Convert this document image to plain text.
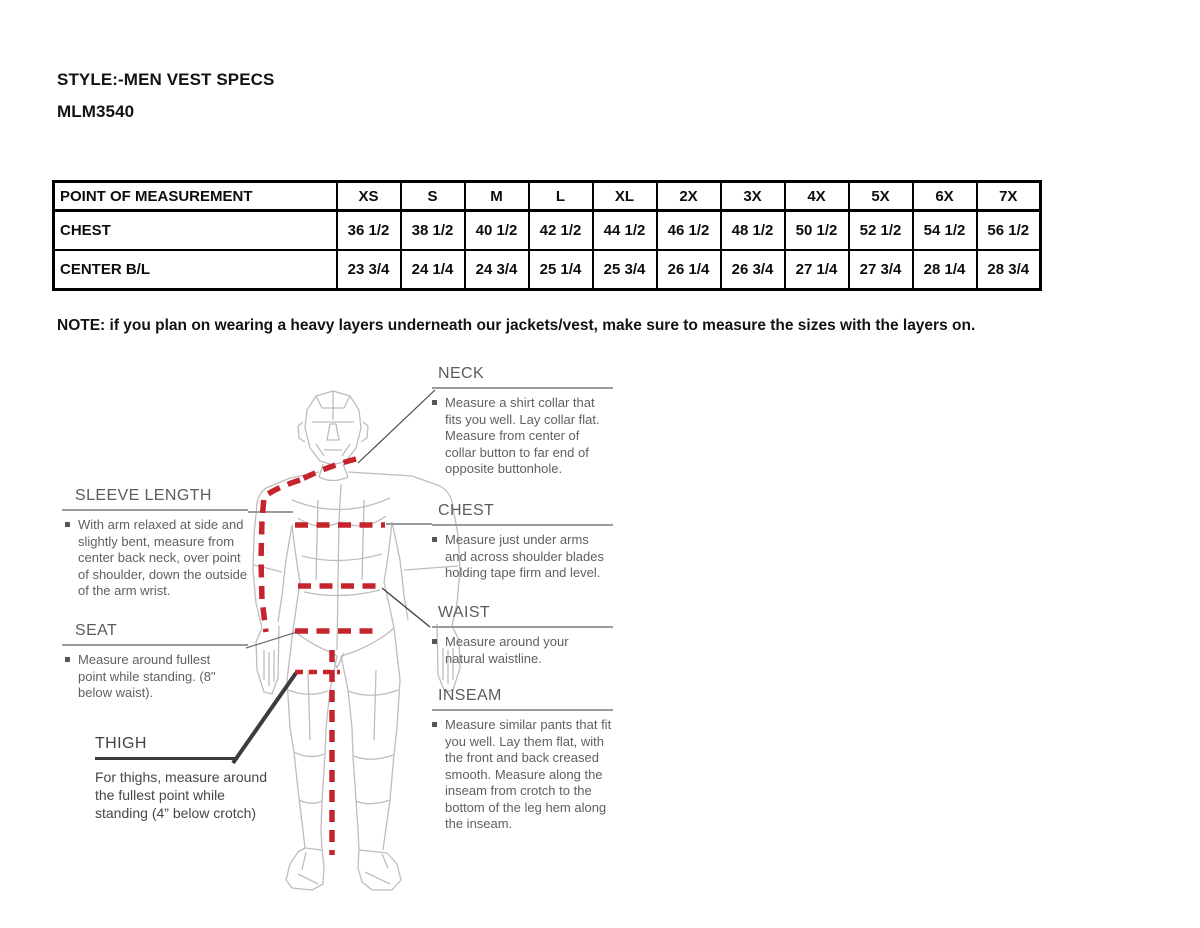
STYLE:-MEN VEST SPECS
MLM3540
POINT OF MEASUREMENT	XS	S	M	L	XL	2X	3X	4X	5X	6X	7X
CHEST	36 1/2	38 1/2	40 1/2	42 1/2	44 1/2	46 1/2	48 1/2	50 1/2	52 1/2	54 1/2	56 1/2
CENTER B/L	23 3/4	24 1/4	24 3/4	25 1/4	25 3/4	26 1/4	26 3/4	27 1/4	27 3/4	28 1/4	28 3/4
NOTE: if you plan on wearing a heavy layers underneath our jackets/vest, make sure to measure the sizes with the layers on.
SLEEVE LENGTH
With arm relaxed at side and slightly bent, measure from center back neck, over point of shoulder, down the outside of the arm wrist.
SEAT
Measure around fullest point while standing. (8" below waist).
THIGH
For thighs, measure around the fullest point while standing (4” below crotch)
NECK
Measure a shirt collar that fits you well. Lay collar flat. Measure from center of collar button to far end of opposite buttonhole.
CHEST
Measure just under arms and across shoulder blades holding tape firm and level.
WAIST
Measure around your natural waistline.
INSEAM
Measure similar pants that fit you well. Lay them flat, with the front and back creased smooth. Measure along the inseam from crotch to the bottom of the leg hem along the inseam.
